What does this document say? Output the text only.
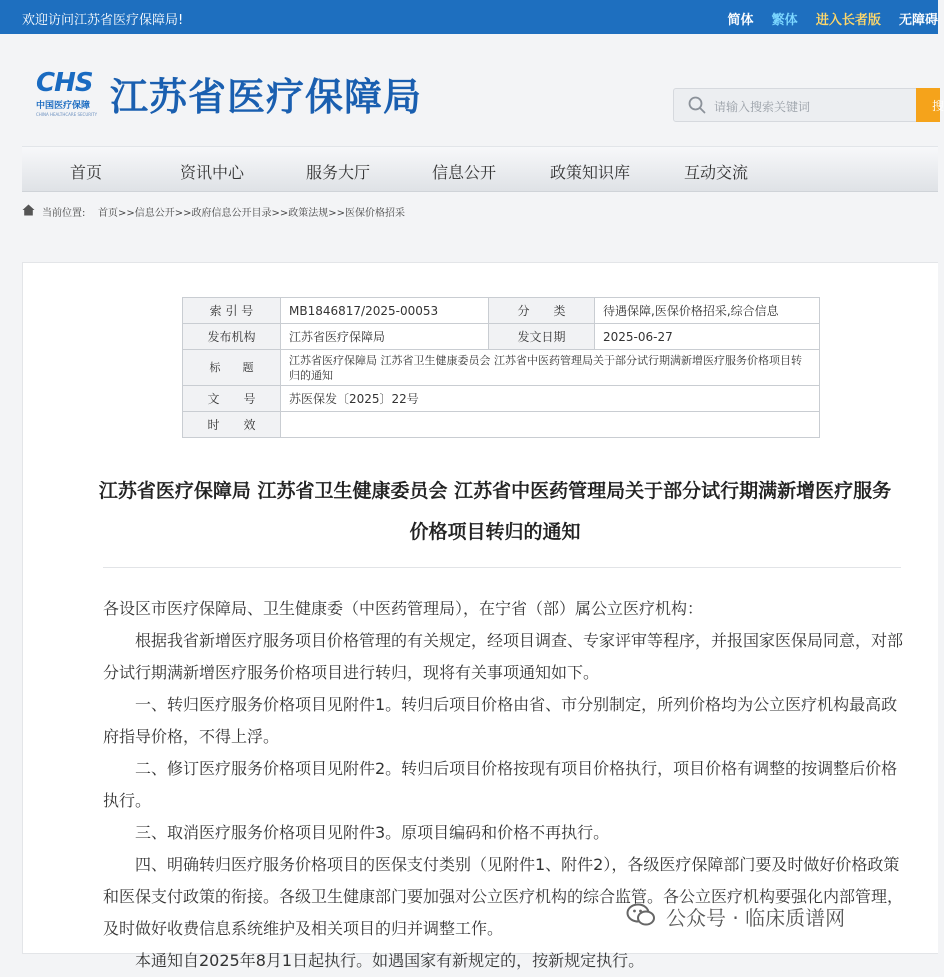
欢迎访问江苏省医疗保障局!	简体 繁体 进入长者版 无障碍
CHS
中国医疗保障
CHINA HEALTHCARE SECURITY 江苏省医疗保障局	请输入搜索关键词	搜
首页	资讯中心	服务大厅	信息公开	政策知识库	互动交流
当前位置: 首页>>信息公开>>政府信息公开目录>>政策法规>>医保价格招采
索 引 号	MB1846817/2025-00053	分　　类	待遇保障,医保价格招采,综合信息
发布机构	江苏省医疗保障局	发文日期	2025-06-27
标　　题	江苏省医疗保障局 江苏省卫生健康委员会 江苏省中医药管理局关于部分试行期满新增医疗服务价格项目转归的通知		
文　　号	苏医保发〔2025〕22号		
时　　效			
江苏省医疗保障局 江苏省卫生健康委员会 江苏省中医药管理局关于部分试行期满新增医疗服务价格项目转归的通知

各设区市医疗保障局、卫生健康委（中医药管理局），在宁省（部）属公立医疗机构：

根据我省新增医疗服务项目价格管理的有关规定，经项目调查、专家评审等程序，并报国家医保局同意，对部分试行期满新增医疗服务价格项目进行转归，现将有关事项通知如下。

一、转归医疗服务价格项目见附件1。转归后项目价格由省、市分别制定，所列价格均为公立医疗机构最高政府指导价格，不得上浮。

二、修订医疗服务价格项目见附件2。转归后项目价格按现有项目价格执行，项目价格有调整的按调整后价格执行。

三、取消医疗服务价格项目见附件3。原项目编码和价格不再执行。

四、明确转归医疗服务价格项目的医保支付类别（见附件1、附件2），各级医疗保障部门要及时做好价格政策和医保支付政策的衔接。各级卫生健康部门要加强对公立医疗机构的综合监管。各公立医疗机构要强化内部管理，及时做好收费信息系统维护及相关项目的归并调整工作。

本通知自2025年8月1日起执行。如遇国家有新规定的，按新规定执行。

公众号 · 临床质谱网
